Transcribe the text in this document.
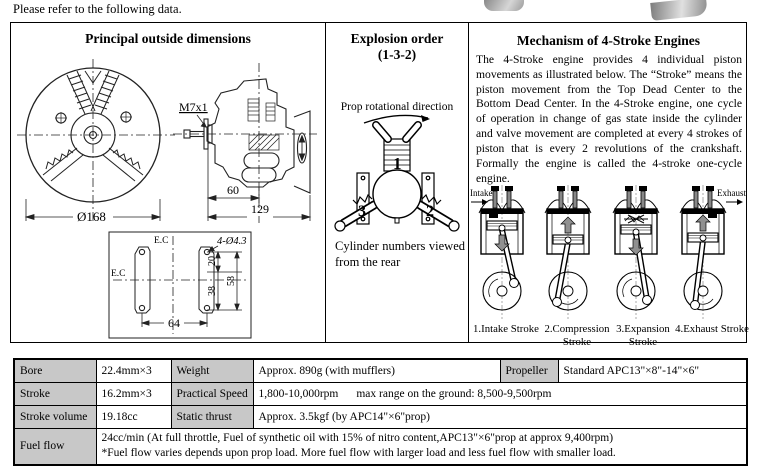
Please refer to the following data.
Principal outside dimensions
M7x1
60
129
Ø168
E.C
E.C
4-Ø4.3
20
38
58
64
Explosion order
(1-3-2)
Prop rotational direction
1
3	2
Cylinder numbers viewed from the rear
Mechanism of 4-Stroke Engines

The 4-Stroke engine provides 4 individual piston movements as illustrated below. The “Stroke” means the piston movement from the Top Dead Center to the Bottom Dead Center. In the 4-Stroke engine, one cycle of operation in change of gas state inside the cylinder and valve movement are completed at every 4 strokes of piston that is every 2 revolutions of the crankshaft. Formally the engine is called the 4-stroke one-cycle engine.

Intake	Exhaust
1.Intake Stroke 2.Compression
Stroke
3.Expansion
Stroke
4.Exhaust Stroke
Bore	22.4mm×3	Weight	Approx. 890g (with mufflers)	Propeller	Standard APC13"×8"-14"×6"
Stroke	16.2mm×3	Practical Speed	1,800-10,000rpm max range on the ground: 8,500-9,500rpm		
Stroke volume	19.18cc	Static thrust	Approx. 3.5kgf (by APC14"×6"prop)		
Fuel flow	24cc/min (At full throttle, Fuel of synthetic oil with 15% of nitro content,APC13"×6"prop at approx 9,400rpm)
*Fuel flow varies depends upon prop load. More fuel flow with larger load and less fuel flow with smaller load.				
